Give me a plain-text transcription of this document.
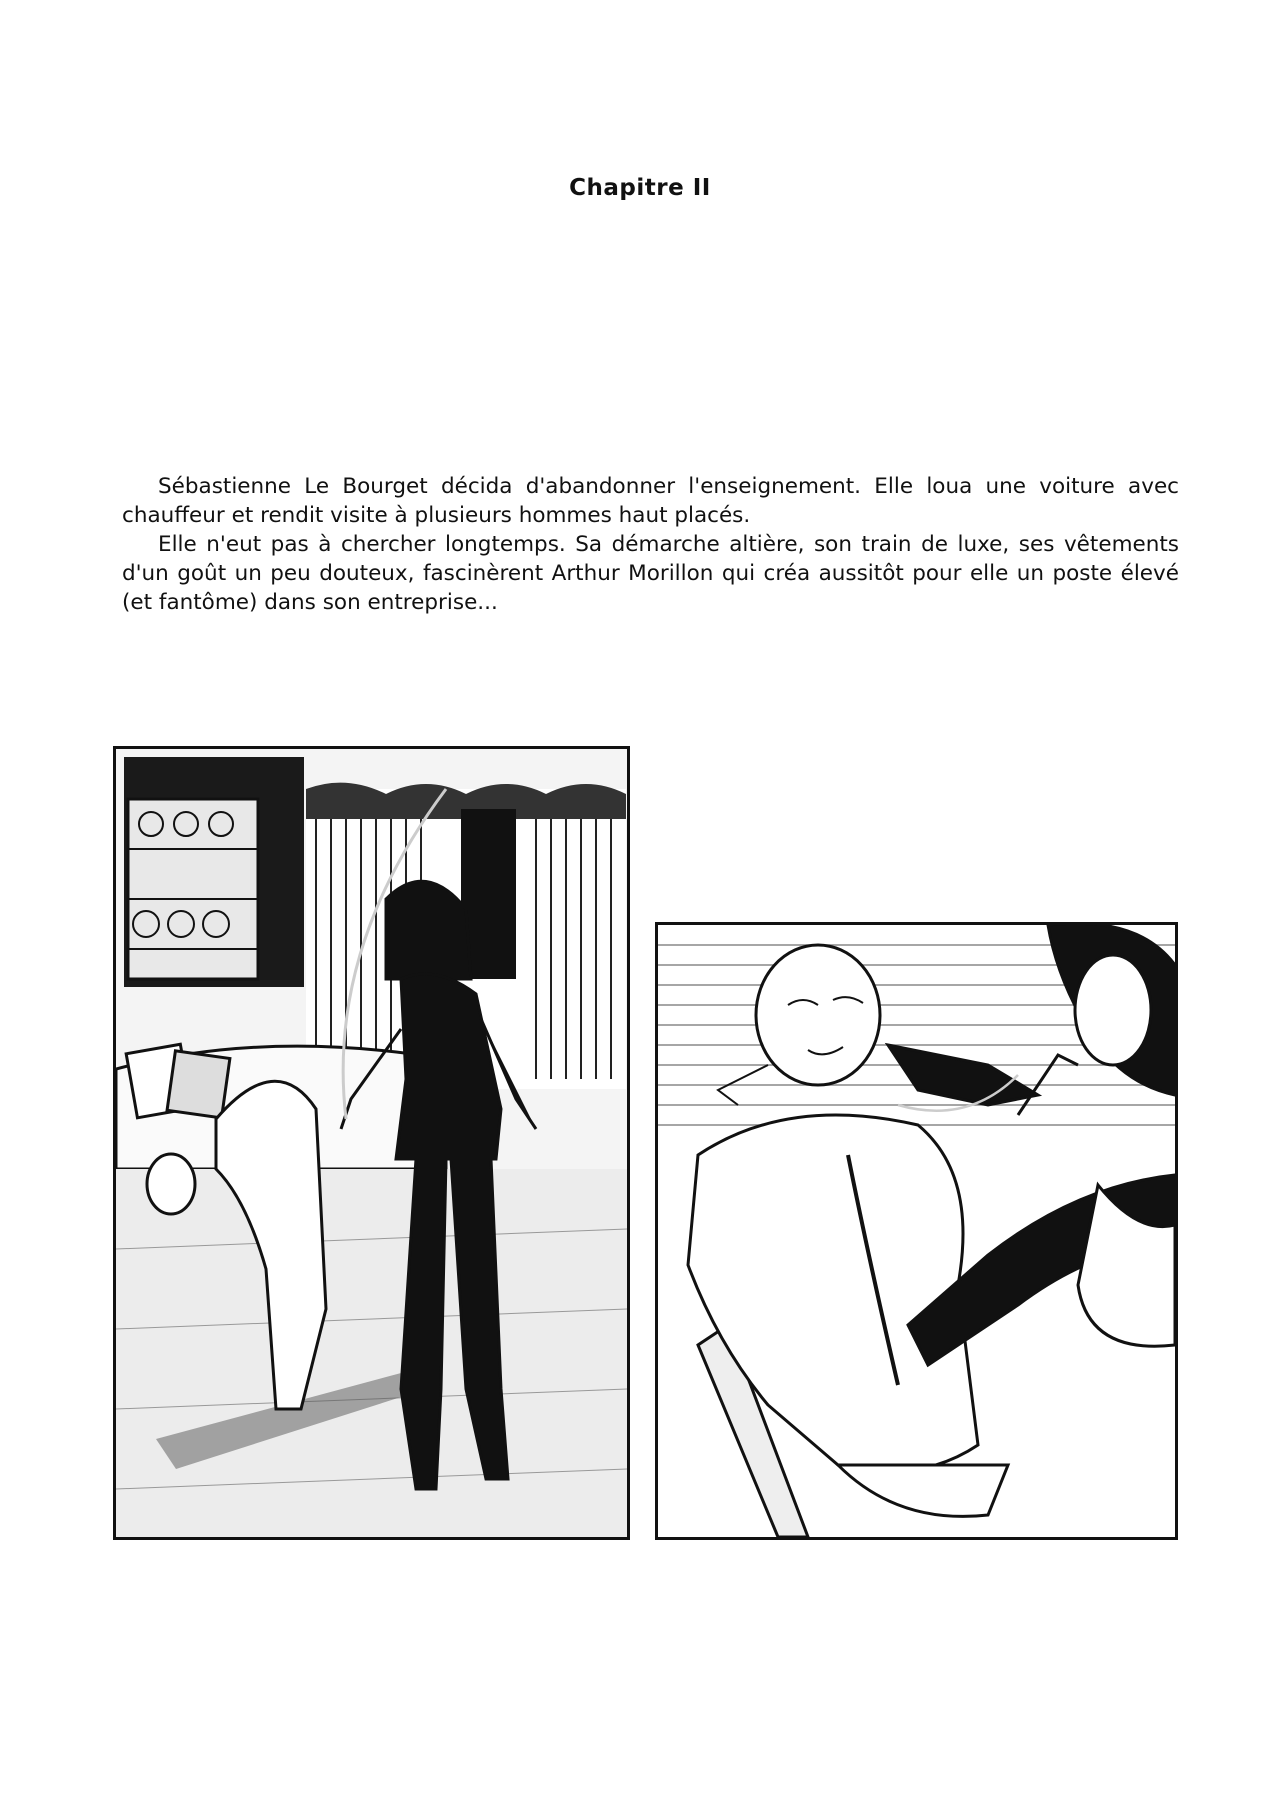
Chapitre II

Sébastienne Le Bourget décida d'abandonner l'enseignement. Elle loua une voiture avec chauffeur et rendit visite à plusieurs hommes haut placés.

Elle n'eut pas à chercher longtemps. Sa démarche altière, son train de luxe, ses vêtements d'un goût un peu douteux, fascinèrent Arthur Morillon qui créa aussitôt pour elle un poste élevé (et fantôme) dans son entreprise...
